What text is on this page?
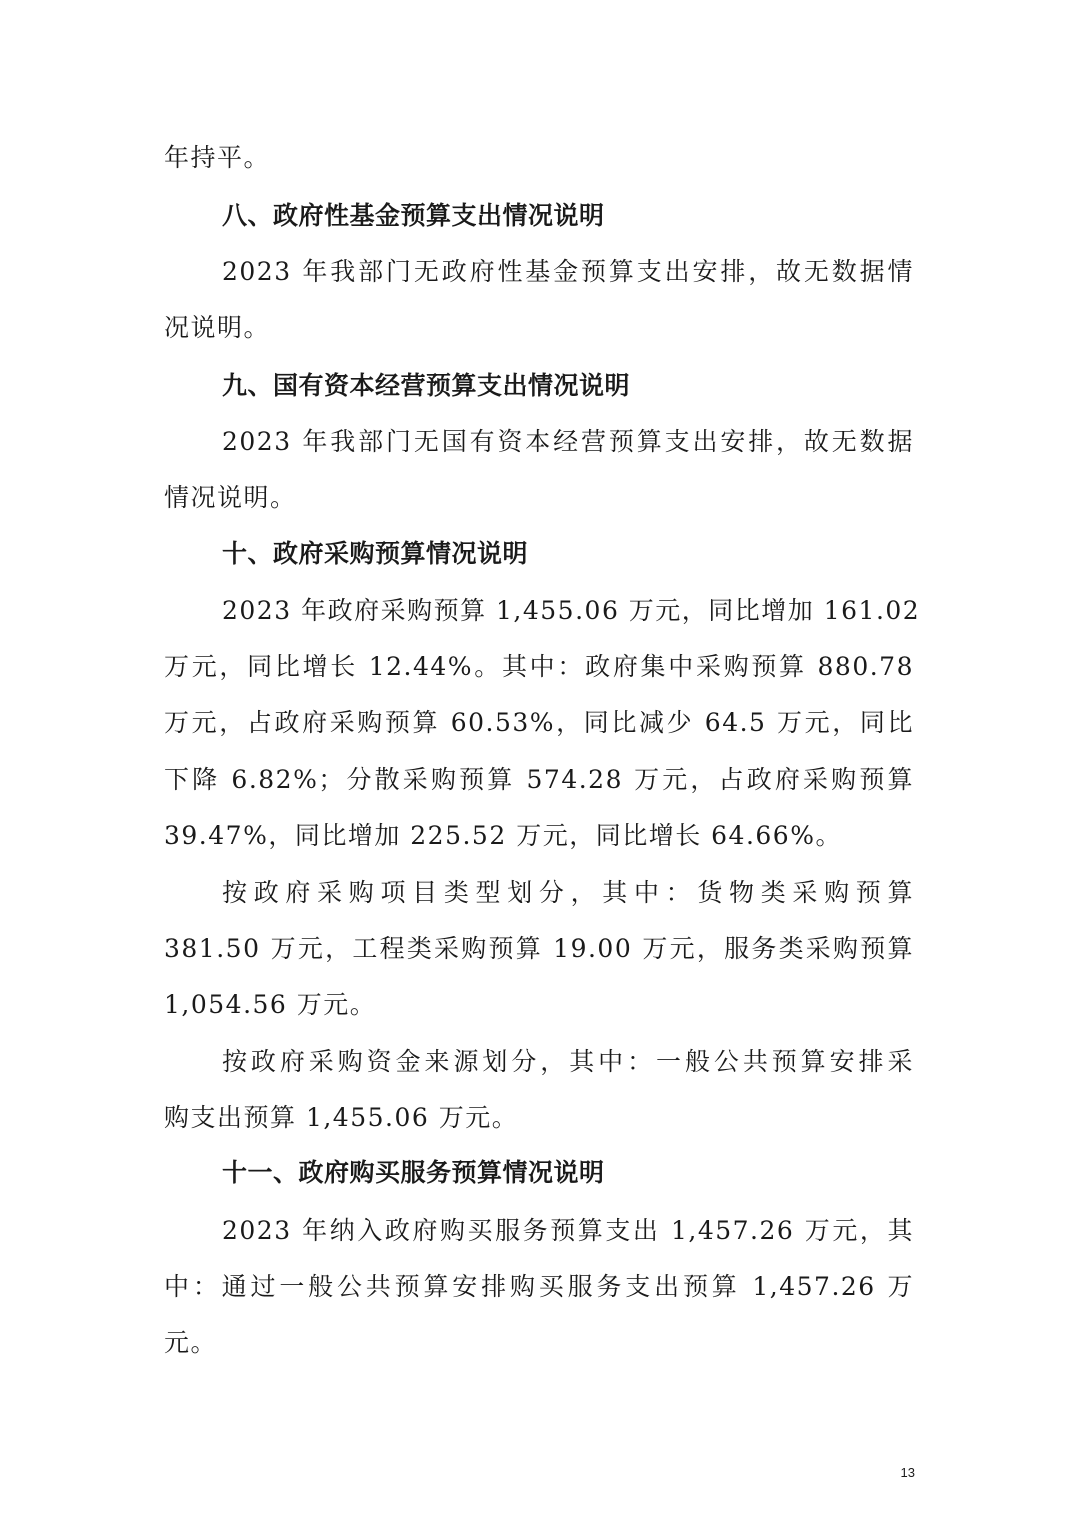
年持平。
八、政府性基金预算支出情况说明
2023 年我部门无政府性基金预算支出安排，故无数据情
况说明。
九、国有资本经营预算支出情况说明
2023 年我部门无国有资本经营预算支出安排，故无数据
情况说明。
十、政府采购预算情况说明
2023 年政府采购预算 1,455.06 万元，同比增加 161.02
万元，同比增长 12.44%。其中：政府集中采购预算 880.78
万元，占政府采购预算 60.53%，同比减少 64.5 万元，同比
下降 6.82%；分散采购预算 574.28 万元，占政府采购预算
39.47%，同比增加 225.52 万元，同比增长 64.66%。
按政府采购项目类型划分，其中：货物类采购预算
381.50 万元，工程类采购预算 19.00 万元，服务类采购预算
1,054.56 万元。
按政府采购资金来源划分，其中：一般公共预算安排采
购支出预算 1,455.06 万元。
十一、政府购买服务预算情况说明
2023 年纳入政府购买服务预算支出 1,457.26 万元，其
中：通过一般公共预算安排购买服务支出预算 1,457.26 万
元。
13
